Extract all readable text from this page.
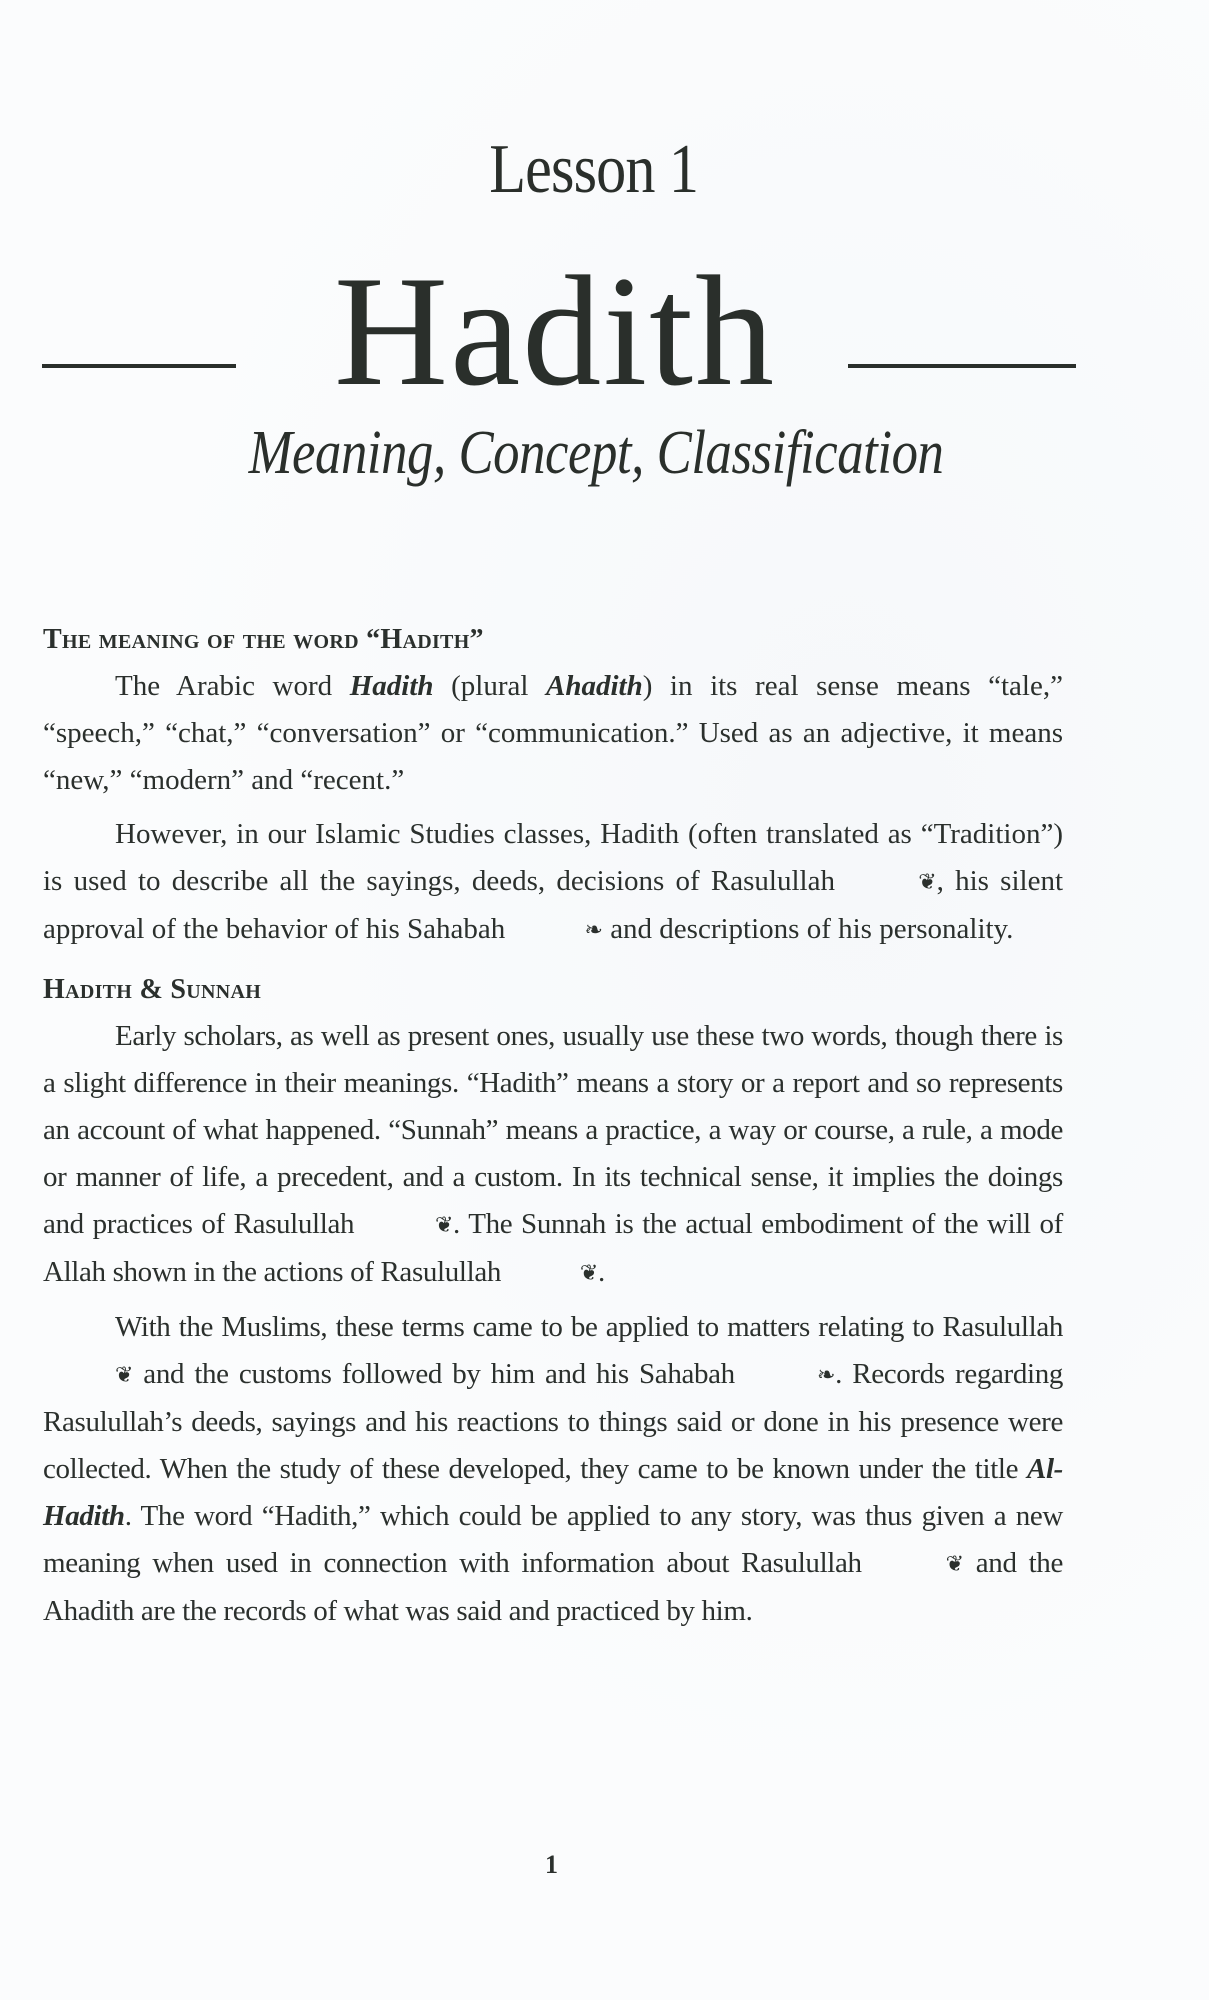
Lesson 1
Hadith
Meaning, Concept, Classification
The meaning of the word “Hadith”

The Arabic word Hadith (plural Ahadith) in its real sense means “tale,” “speech,” “chat,” “conversation” or “communication.” Used as an adjective, it means “new,” “modern” and “recent.”

However, in our Islamic Studies classes, Hadith (often translated as “Tradition”) is used to describe all the sayings, deeds, decisions of Rasulullah	❦, his silent approval of the behavior of his Sahabah	❧ and descriptions of his personality.

Hadith & Sunnah

Early scholars, as well as present ones, usually use these two words, though there is a slight difference in their meanings. “Hadith” means a story or a report and so represents an account of what happened. “Sunnah” means a practice, a way or course, a rule, a mode or manner of life, a precedent, and a custom. In its technical sense, it implies the doings and practices of Rasulullah	❦. The Sunnah is the actual embodiment of the will of Allah shown in the actions of Rasulullah	❦.

With the Muslims, these terms came to be applied to matters relating to Rasulullah ❦ and the customs followed by him and his Sahabah	❧. Records regarding Rasulullah’s deeds, sayings and his reactions to things said or done in his presence were collected. When the study of these developed, they came to be known under the title Al-Hadith. The word “Hadith,” which could be applied to any story, was thus given a new meaning when used in connection with information about Rasulullah	❦ and the Ahadith are the records of what was said and practiced by him.

1
